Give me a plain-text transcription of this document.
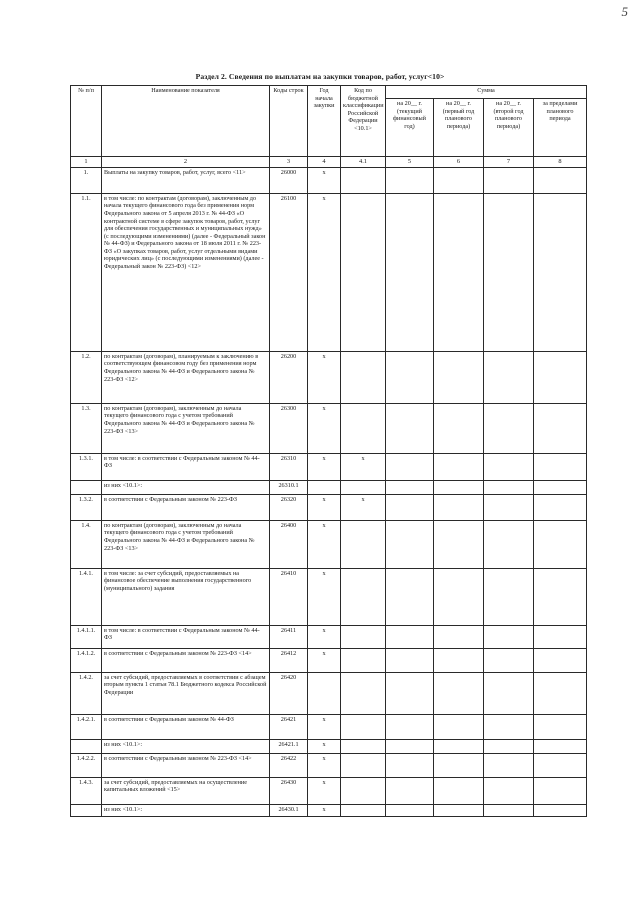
5
Раздел 2. Сведения по выплатам на закупки товаров, работ, услуг<10>
№ п/п	Наименование показателя	Коды строк	Год начала закупки	Код по бюджетной классификации Российской Федерации <10.1>	Сумма			
					на 20__ г. (текущий финансовый год)	на 20__ г. (первый год планового периода)	на 20__ г. (второй год планового периода)	за пределами планового периода
1	2	3	4	4.1	5	6	7	8
1.	Выплаты на закупку товаров, работ, услуг, всего <11>	26000	x					
1.1.	в том числе: по контрактам (договорам), заключенным до начала текущего финансового года без применения норм Федерального закона от 5 апреля 2013 г. № 44-ФЗ «О контрактной системе в сфере закупок товаров, работ, услуг для обеспечения государственных и муниципальных нужд» (с последующими изменениями) (далее - Федеральный закон № 44-ФЗ) и Федерального закона от 18 июля 2011 г. № 223-ФЗ «О закупках товаров, работ, услуг отдельными видами юридических лиц» (с последующими изменениями) (далее - Федеральный закон № 223-ФЗ) <12>	26100	x					
1.2.	по контрактам (договорам), планируемым к заключению в соответствующем финансовом году без применения норм Федерального закона № 44-ФЗ и Федерального закона № 223-ФЗ <12>	26200	x					
1.3.	по контрактам (договорам), заключенным до начала текущего финансового года с учетом требований Федерального закона № 44-ФЗ и Федерального закона № 223-ФЗ <13>	26300	x					
1.3.1.	в том числе: в соответствии с Федеральным законом № 44-ФЗ	26310	x	x				
	из них <10.1>:	26310.1						
1.3.2.	в соответствии с Федеральным законом № 223-ФЗ	26320	x	x				
1.4.	по контрактам (договорам), заключенным до начала текущего финансового года с учетом требований Федерального закона № 44-ФЗ и Федерального закона № 223-ФЗ <13>	26400	x					
1.4.1.	в том числе: за счет субсидий, предоставляемых на финансовое обеспечение выполнения государственного (муниципального) задания	26410	x					
1.4.1.1.	в том числе: в соответствии с Федеральным законом № 44-ФЗ	26411	x					
1.4.1.2.	в соответствии с Федеральным законом № 223-ФЗ <14>	26412	x					
1.4.2.	за счет субсидий, предоставляемых в соответствии с абзацем вторым пункта 1 статьи 78.1 Бюджетного кодекса Российской Федерации	26420						
1.4.2.1.	в соответствии с Федеральным законом № 44-ФЗ	26421	x					
	из них <10.1>:	26421.1	x					
1.4.2.2.	в соответствии с Федеральным законом № 223-ФЗ <14>	26422	x					
1.4.3.	за счет субсидий, предоставляемых на осуществление капитальных вложений <15>	26430	x					
	из них <10.1>:	26430.1	x					
